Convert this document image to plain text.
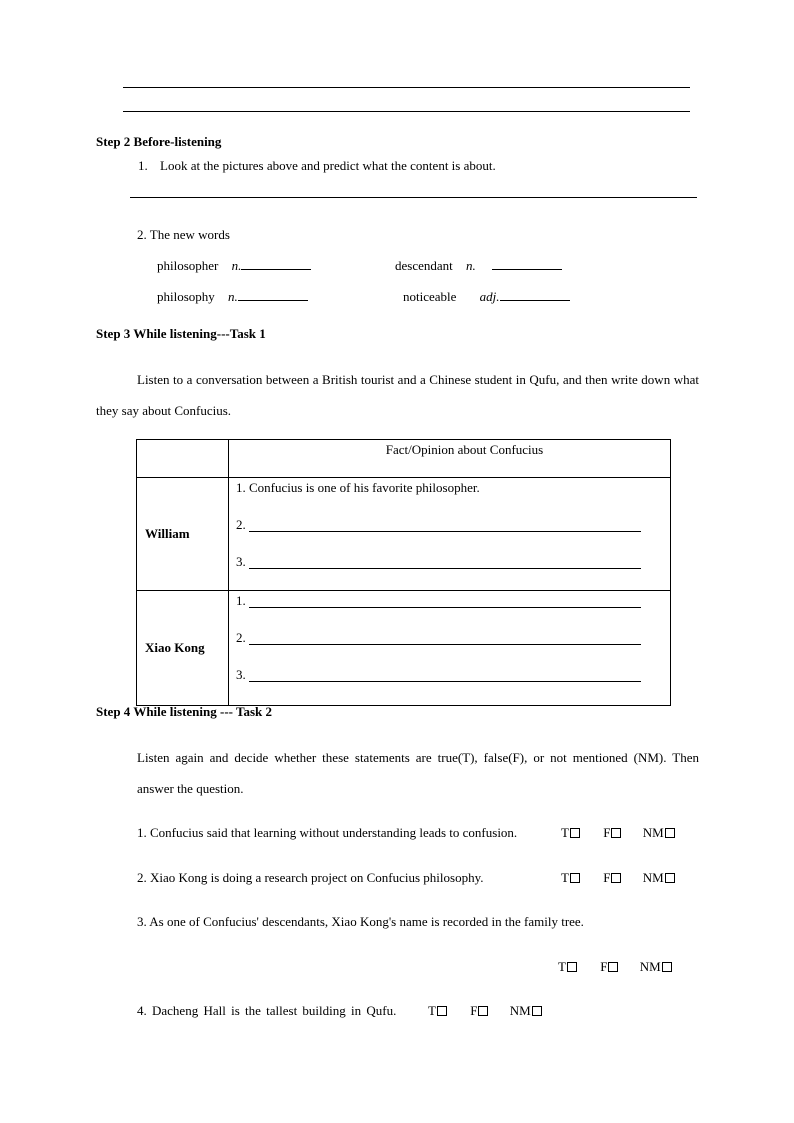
Step 2 Before-listening
1. Look at the pictures above and predict what the content is about.
2. The new words
philosopher n.	descendant n.
philosophy n.	noticeable adj.
Step 3 While listening---Task 1
Listen to a conversation between a British tourist and a Chinese student in Qufu, and then write down what they say about Confucius.
	Fact/Opinion about Confucius
William	1. Confucius is one of his favorite philosopher.
2.
3.

Xiao Kong	1.
2.
3.
Step 4 While listening --- Task 2
Listen again and decide whether these statements are true(T), false(F), or not mentioned (NM). Then answer the question.
1. Confucius said that learning without understanding leads to confusion.	T	F NM
2. Xiao Kong is doing a research project on Confucius philosophy.	T	F NM
3. As one of Confucius' descendants, Xiao Kong's name is recorded in the family tree.
T	F NM
4. Dacheng Hall is the tallest building in Qufu. T	F NM
